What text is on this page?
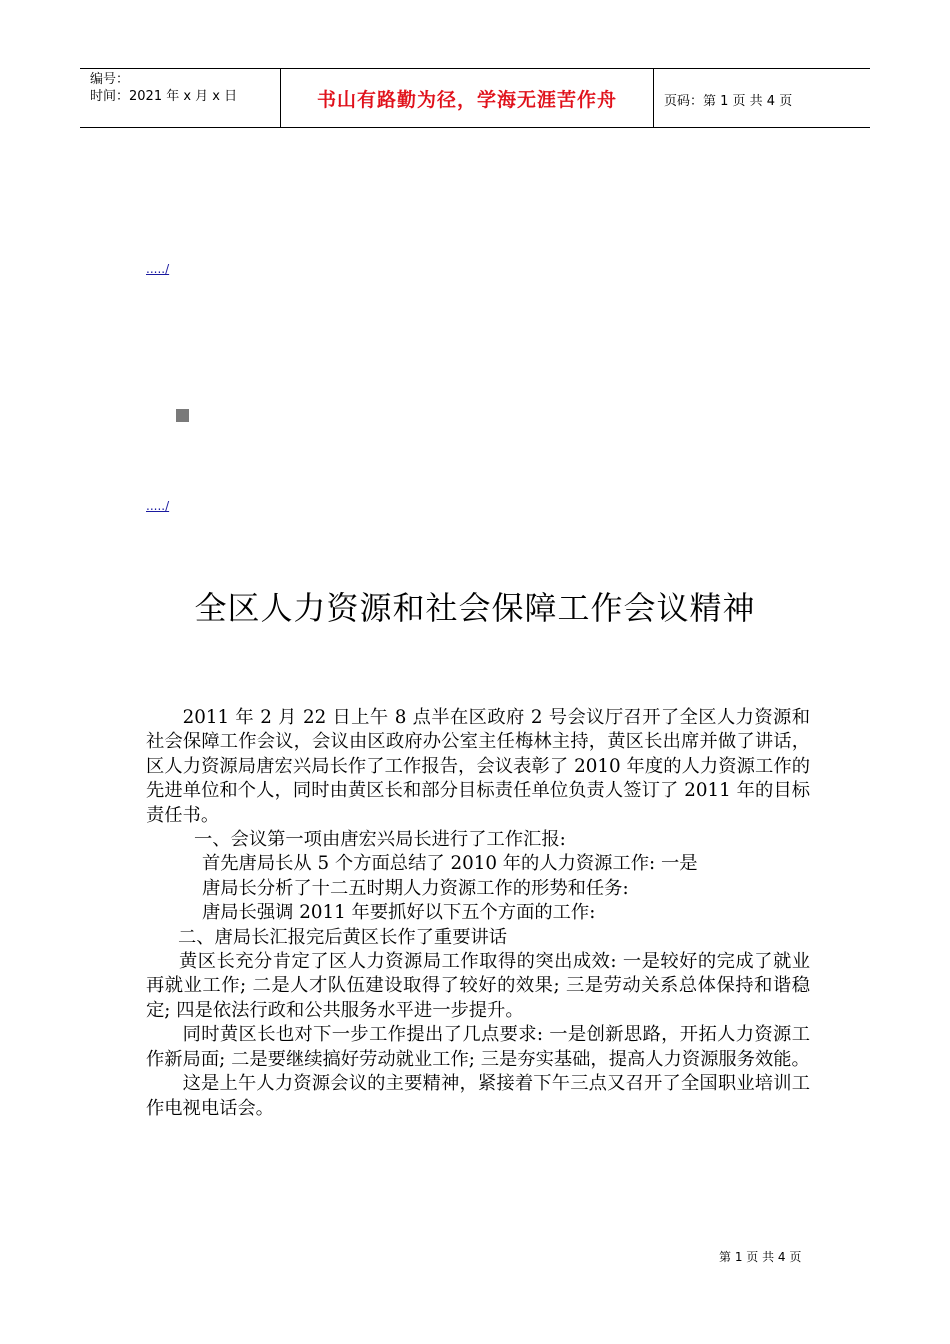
编号：
时间：2021 年 x 月 x 日	书山有路勤为径，学海无涯苦作舟	页码：第 1 页 共 4 页
...../
...../
全区人力资源和社会保障工作会议精神

2011 年 2 月 22 日上午 8 点半在区政府 2 号会议厅召开了全区人力资源和社会保障工作会议，会议由区政府办公室主任梅林主持，黄区长出席并做了讲话，区人力资源局唐宏兴局长作了工作报告，会议表彰了 2010 年度的人力资源工作的先进单位和个人，同时由黄区长和部分目标责任单位负责人签订了 2011 年的目标责任书。

一、会议第一项由唐宏兴局长进行了工作汇报:

首先唐局长从 5 个方面总结了 2010 年的人力资源工作: 一是

唐局长分析了十二五时期人力资源工作的形势和任务:

唐局长强调 2011 年要抓好以下五个方面的工作:

二、唐局长汇报完后黄区长作了重要讲话

黄区长充分肯定了区人力资源局工作取得的突出成效: 一是较好的完成了就业再就业工作; 二是人才队伍建设取得了较好的效果; 三是劳动关系总体保持和谐稳定; 四是依法行政和公共服务水平进一步提升。

同时黄区长也对下一步工作提出了几点要求: 一是创新思路，开拓人力资源工作新局面; 二是要继续搞好劳动就业工作; 三是夯实基础，提高人力资源服务效能。

这是上午人力资源会议的主要精神，紧接着下午三点又召开了全国职业培训工作电视电话会。

第 1 页 共 4 页
